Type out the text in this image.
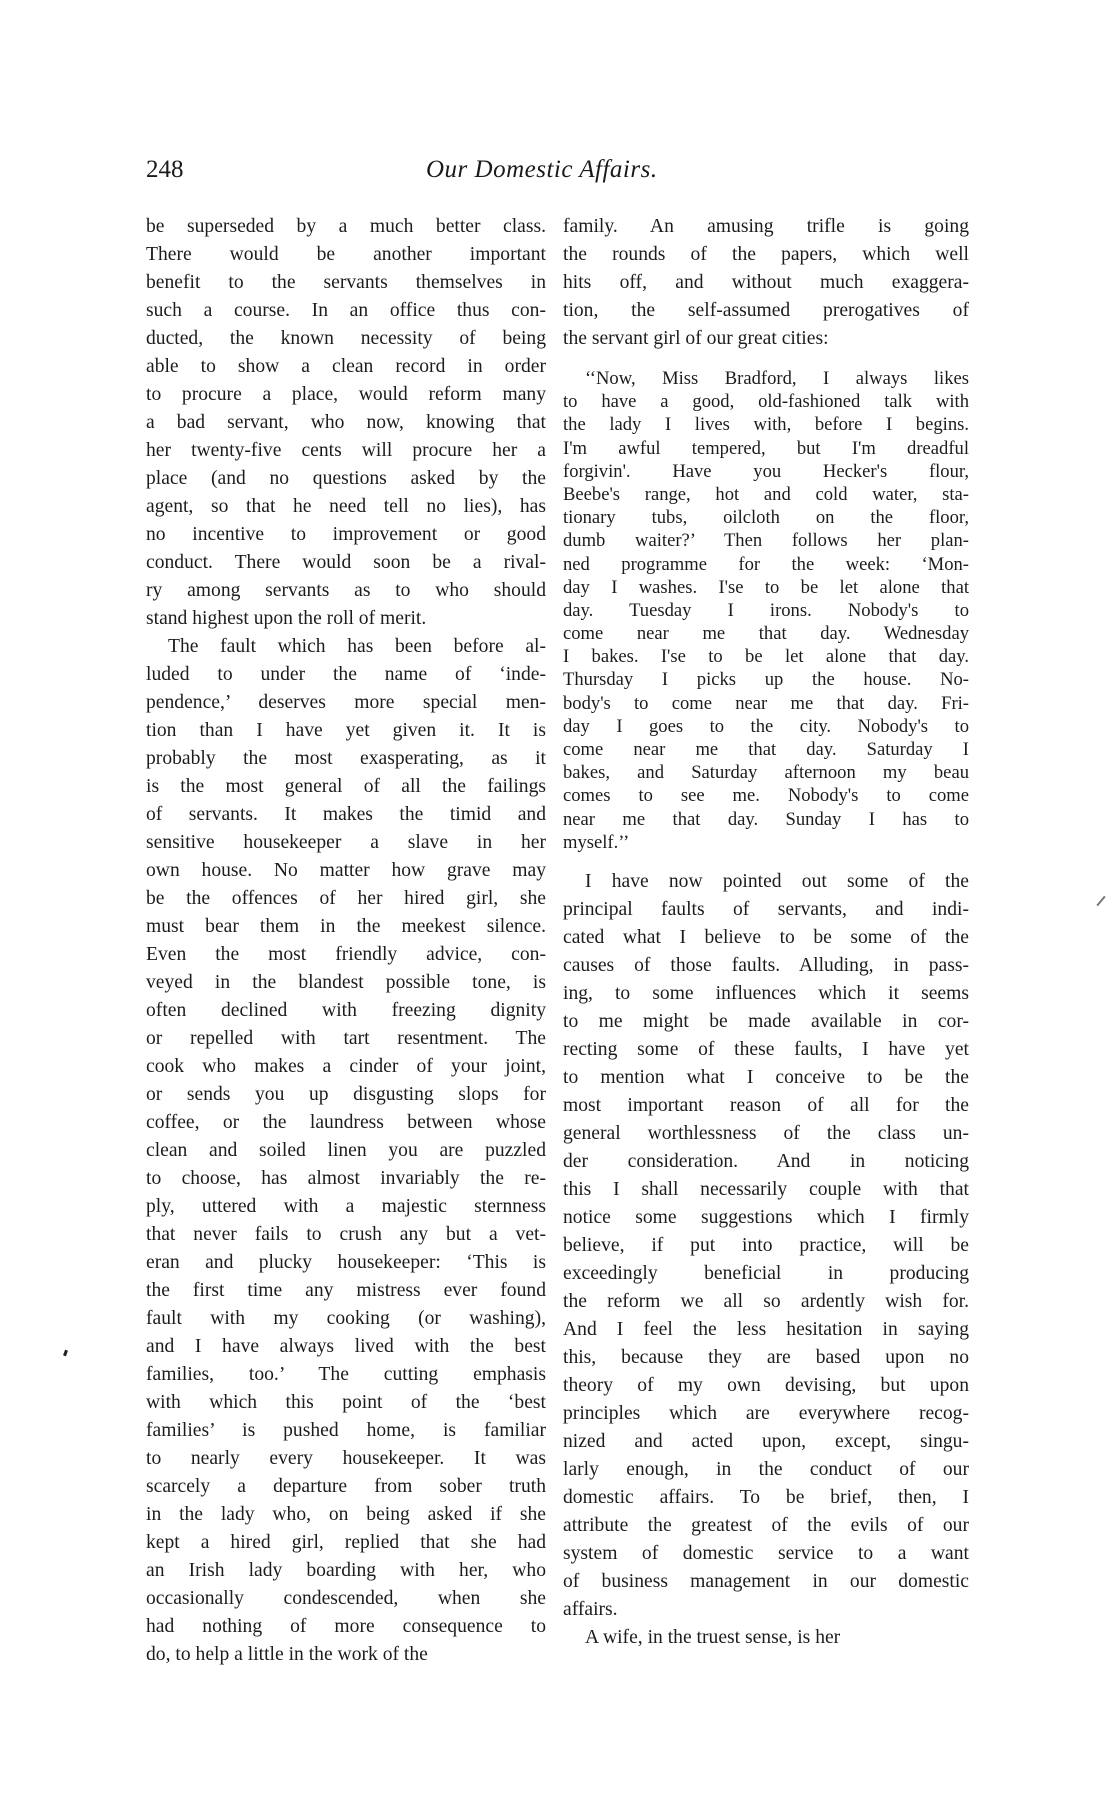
248	Our Domestic Affairs.
be superseded by a much better class.
There would be another important
benefit to the servants themselves in
such a course. In an office thus con-
ducted, the known necessity of being
able to show a clean record in order
to procure a place, would reform many
a bad servant, who now, knowing that
her twenty-five cents will procure her a
place (and no questions asked by the
agent, so that he need tell no lies), has
no incentive to improvement or good
conduct. There would soon be a rival-
ry among servants as to who should
stand highest upon the roll of merit.
The fault which has been before al-
luded to under the name of ‘inde-
pendence,’ deserves more special men-
tion than I have yet given it. It is
probably the most exasperating, as it
is the most general of all the failings
of servants. It makes the timid and
sensitive housekeeper a slave in her
own house. No matter how grave may
be the offences of her hired girl, she
must bear them in the meekest silence.
Even the most friendly advice, con-
veyed in the blandest possible tone, is
often declined with freezing dignity
or repelled with tart resentment. The
cook who makes a cinder of your joint,
or sends you up disgusting slops for
coffee, or the laundress between whose
clean and soiled linen you are puzzled
to choose, has almost invariably the re-
ply, uttered with a majestic sternness
that never fails to crush any but a vet-
eran and plucky housekeeper: ‘This is
the first time any mistress ever found
fault with my cooking (or washing),
and I have always lived with the best
families, too.’ The cutting emphasis
with which this point of the ‘best
families’ is pushed home, is familiar
to nearly every housekeeper. It was
scarcely a departure from sober truth
in the lady who, on being asked if she
kept a hired girl, replied that she had
an Irish lady boarding with her, who
occasionally condescended, when she
had nothing of more consequence to
do, to help a little in the work of the
family. An amusing trifle is going
the rounds of the papers, which well
hits off, and without much exaggera-
tion, the self-assumed prerogatives of
the servant girl of our great cities:
‘‘Now, Miss Bradford, I always likes
to have a good, old-fashioned talk with
the lady I lives with, before I begins.
I'm awful tempered, but I'm dreadful
forgivin'. Have you Hecker's flour,
Beebe's range, hot and cold water, sta-
tionary tubs, oilcloth on the floor,
dumb waiter?’ Then follows her plan-
ned programme for the week: ‘Mon-
day I washes. I'se to be let alone that
day. Tuesday I irons. Nobody's to
come near me that day. Wednesday
I bakes. I'se to be let alone that day.
Thursday I picks up the house. No-
body's to come near me that day. Fri-
day I goes to the city. Nobody's to
come near me that day. Saturday I
bakes, and Saturday afternoon my beau
comes to see me. Nobody's to come
near me that day. Sunday I has to
myself.’’
I have now pointed out some of the
principal faults of servants, and indi-
cated what I believe to be some of the
causes of those faults. Alluding, in pass-
ing, to some influences which it seems
to me might be made available in cor-
recting some of these faults, I have yet
to mention what I conceive to be the
most important reason of all for the
general worthlessness of the class un-
der consideration. And in noticing
this I shall necessarily couple with that
notice some suggestions which I firmly
believe, if put into practice, will be
exceedingly beneficial in producing
the reform we all so ardently wish for.
And I feel the less hesitation in saying
this, because they are based upon no
theory of my own devising, but upon
principles which are everywhere recog-
nized and acted upon, except, singu-
larly enough, in the conduct of our
domestic affairs. To be brief, then, I
attribute the greatest of the evils of our
system of domestic service to a want
of business management in our domestic
affairs.
A wife, in the truest sense, is her
